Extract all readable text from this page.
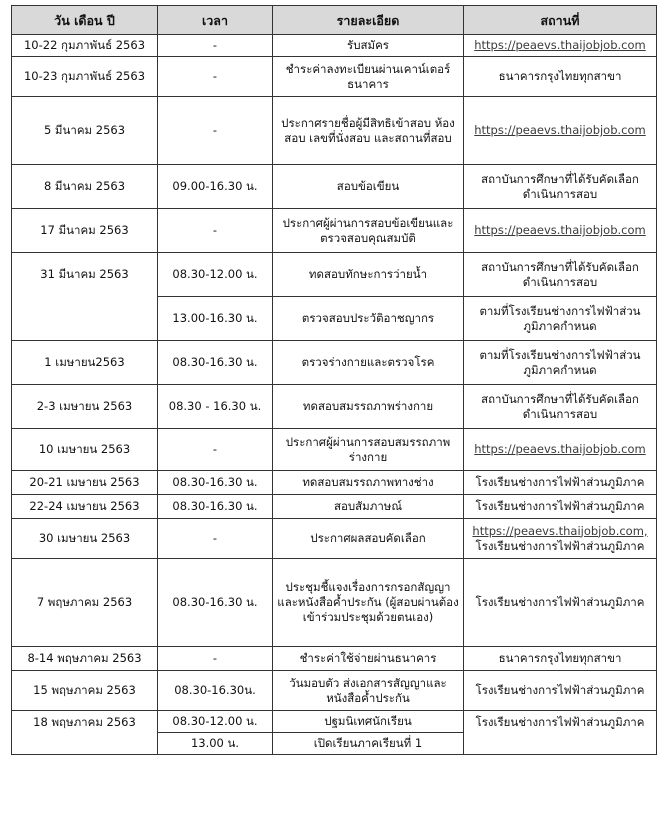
วัน เดือน ปี	เวลา	รายละเอียด	สถานที่
10-22 กุมภาพันธ์ 2563	-	รับสมัคร	https://peaevs.thaijobjob.com
10-23 กุมภาพันธ์ 2563	-	ชำระค่าลงทะเบียนผ่านเคาน์เตอร์ธนาคาร	ธนาคารกรุงไทยทุกสาขา
5 มีนาคม 2563	-	ประกาศรายชื่อผู้มีสิทธิเข้าสอบ ห้องสอบ เลขที่นั่งสอบ และสถานที่สอบ	https://peaevs.thaijobjob.com
8 มีนาคม 2563	09.00-16.30 น.	สอบข้อเขียน	สถาบันการศึกษาที่ได้รับคัดเลือกดำเนินการสอบ
17 มีนาคม 2563	-	ประกาศผู้ผ่านการสอบข้อเขียนและตรวจสอบคุณสมบัติ	https://peaevs.thaijobjob.com
31 มีนาคม 2563	08.30-12.00 น.	ทดสอบทักษะการว่ายน้ำ	สถาบันการศึกษาที่ได้รับคัดเลือกดำเนินการสอบ
	13.00-16.30 น.	ตรวจสอบประวัติอาชญากร	ตามที่โรงเรียนช่างการไฟฟ้าส่วนภูมิภาคกำหนด
1 เมษายน2563	08.30-16.30 น.	ตรวจร่างกายและตรวจโรค	ตามที่โรงเรียนช่างการไฟฟ้าส่วนภูมิภาคกำหนด
2-3 เมษายน 2563	08.30 - 16.30 น.	ทดสอบสมรรถภาพร่างกาย	สถาบันการศึกษาที่ได้รับคัดเลือกดำเนินการสอบ
10 เมษายน 2563	-	ประกาศผู้ผ่านการสอบสมรรถภาพร่างกาย	https://peaevs.thaijobjob.com
20-21 เมษายน 2563	08.30-16.30 น.	ทดสอบสมรรถภาพทางช่าง	โรงเรียนช่างการไฟฟ้าส่วนภูมิภาค
22-24 เมษายน 2563	08.30-16.30 น.	สอบสัมภาษณ์	โรงเรียนช่างการไฟฟ้าส่วนภูมิภาค
30 เมษายน 2563	-	ประกาศผลสอบคัดเลือก	https://peaevs.thaijobjob.com,
โรงเรียนช่างการไฟฟ้าส่วนภูมิภาค

7 พฤษภาคม 2563	08.30-16.30 น.	ประชุมชี้แจงเรื่องการกรอกสัญญาและหนังสือค้ำประกัน (ผู้สอบผ่านต้องเข้าร่วมประชุมด้วยตนเอง)	โรงเรียนช่างการไฟฟ้าส่วนภูมิภาค
8-14 พฤษภาคม 2563	-	ชำระค่าใช้จ่ายผ่านธนาคาร	ธนาคารกรุงไทยทุกสาขา
15 พฤษภาคม 2563	08.30-16.30น.	วันมอบตัว ส่งเอกสารสัญญาและหนังสือค้ำประกัน	โรงเรียนช่างการไฟฟ้าส่วนภูมิภาค
18 พฤษภาคม 2563	08.30-12.00 น.	ปฐมนิเทศนักเรียน	โรงเรียนช่างการไฟฟ้าส่วนภูมิภาค
	13.00 น.	เปิดเรียนภาคเรียนที่ 1	
